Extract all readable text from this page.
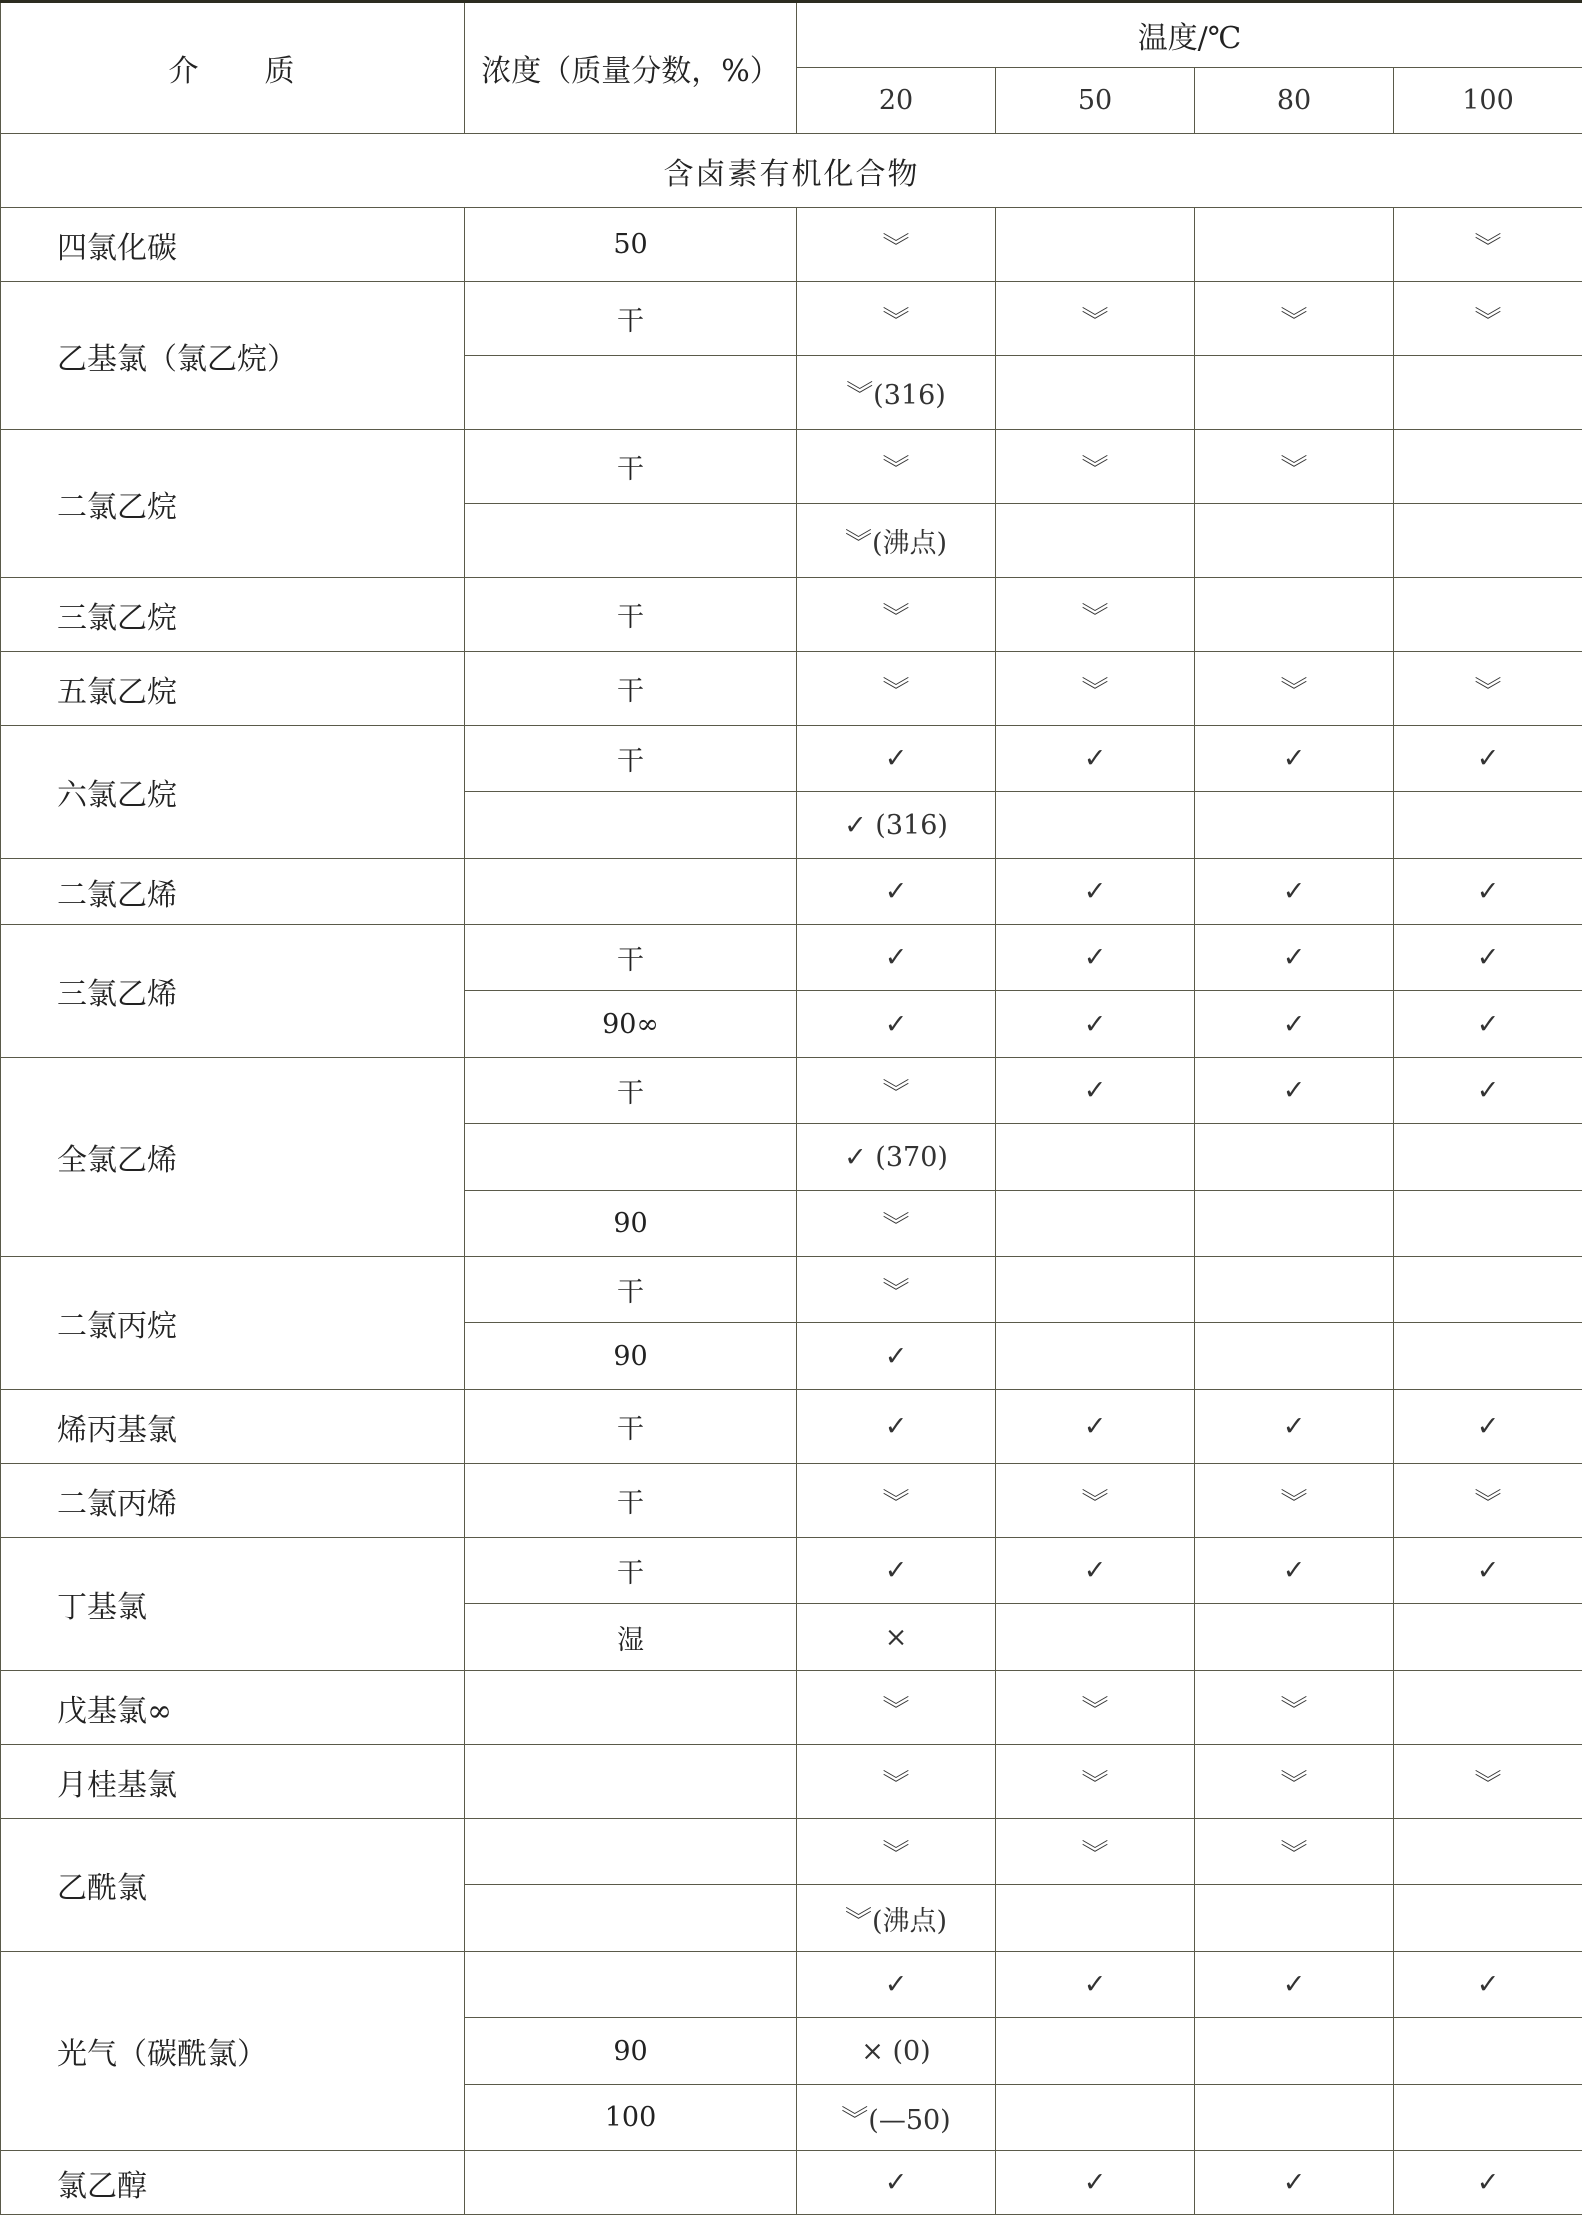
介　　质	浓度（质量分数，%）	温度/℃			
		20	50	80	100
含卤素有机化合物					
四氯化碳	50	︾			︾
乙基氯（氯乙烷）	干	︾	︾	︾	︾
		︾(316)			
二氯乙烷	干	︾	︾	︾	
		︾(沸点)			
三氯乙烷	干	︾	︾		
五氯乙烷	干	︾	︾	︾	︾
六氯乙烷	干	✓	✓	✓	✓
		✓ (316)			
二氯乙烯		✓	✓	✓	✓
三氯乙烯	干	✓	✓	✓	✓
	90∞	✓	✓	✓	✓
全氯乙烯	干	︾	✓	✓	✓
		✓ (370)			
	90	︾			
二氯丙烷	干	︾			
	90	✓			
烯丙基氯	干	✓	✓	✓	✓
二氯丙烯	干	︾	︾	︾	︾
丁基氯	干	✓	✓	✓	✓
	湿	×			
戊基氯∞		︾	︾	︾	
月桂基氯		︾	︾	︾	︾
乙酰氯		︾	︾	︾	
		︾(沸点)			
光气（碳酰氯）		✓	✓	✓	✓
	90	× (0)			
	100	︾(—50)			
氯乙醇		✓	✓	✓	✓
